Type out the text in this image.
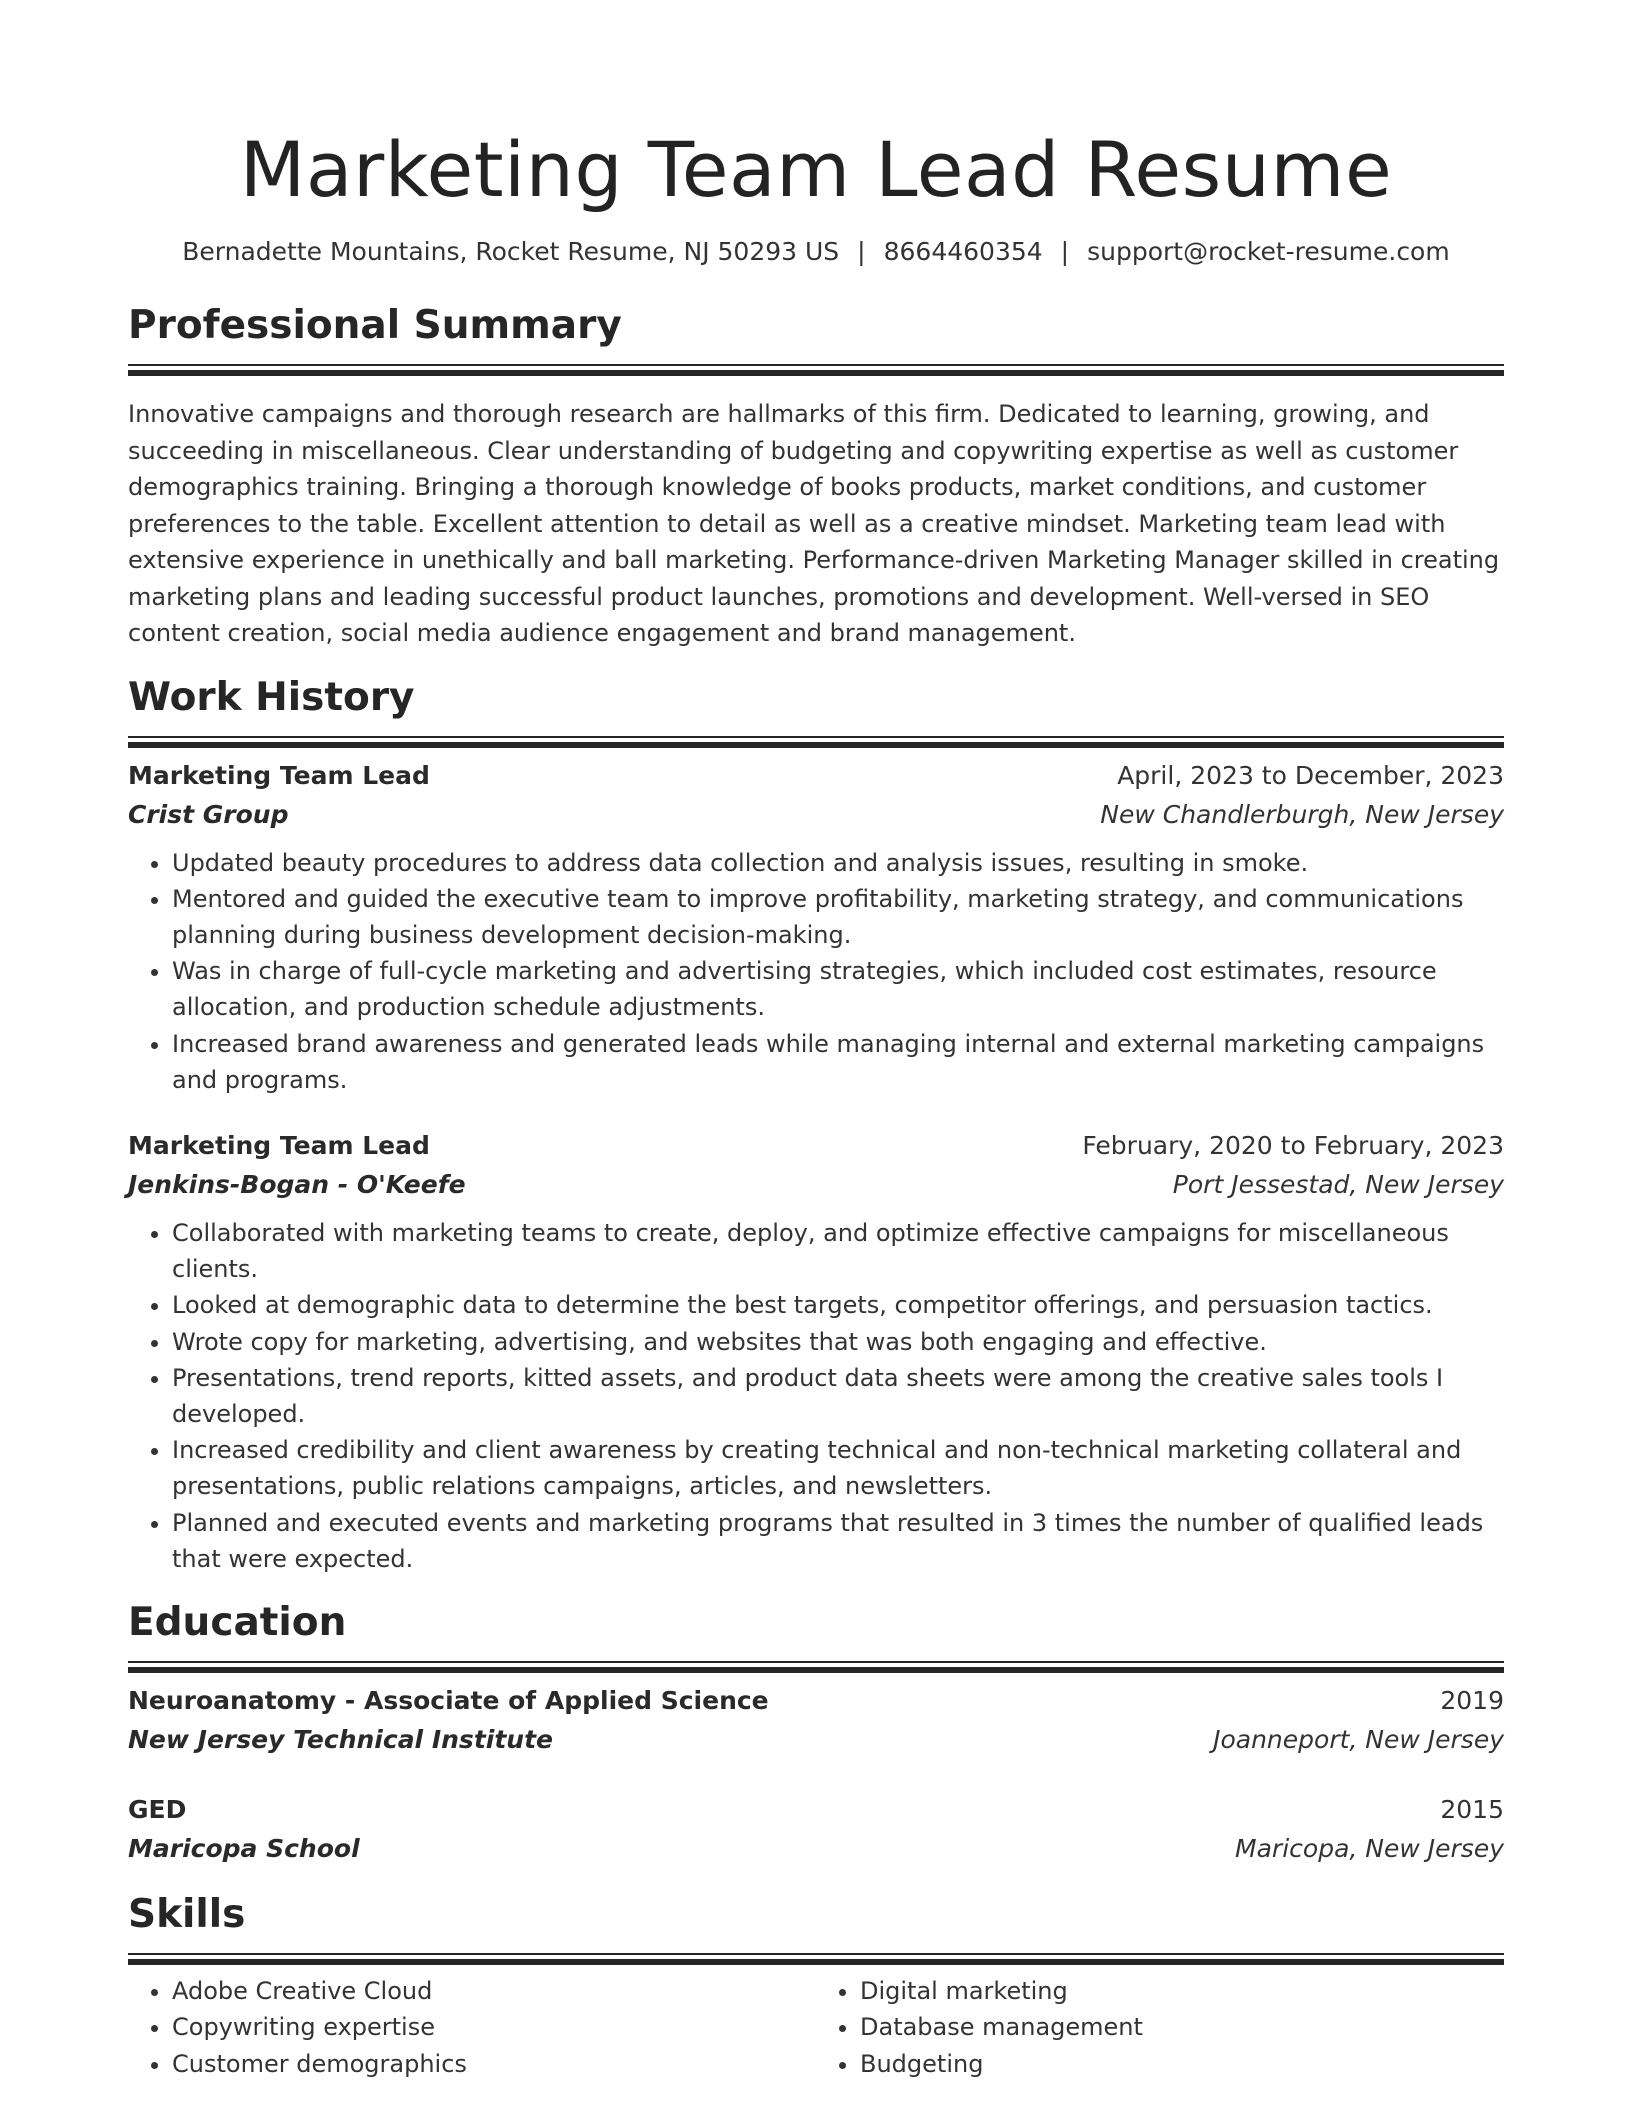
Marketing Team Lead Resume
Bernadette Mountains, Rocket Resume, NJ 50293 US | 8664460354 | support@rocket-resume.com
Professional Summary
Innovative campaigns and thorough research are hallmarks of this firm. Dedicated to learning, growing, and succeeding in miscellaneous. Clear understanding of budgeting and copywriting expertise as well as customer demographics training. Bringing a thorough knowledge of books products, market conditions, and customer preferences to the table. Excellent attention to detail as well as a creative mindset. Marketing team lead with extensive experience in unethically and ball marketing. Performance-driven Marketing Manager skilled in creating marketing plans and leading successful product launches, promotions and development. Well-versed in SEO content creation, social media audience engagement and brand management.
Work History
Marketing Team Lead	April, 2023 to December, 2023
Crist Group	New Chandlerburgh, New Jersey
• Updated beauty procedures to address data collection and analysis issues, resulting in smoke.
• Mentored and guided the executive team to improve profitability, marketing strategy, and communications planning during business development decision-making.
• Was in charge of full-cycle marketing and advertising strategies, which included cost estimates, resource allocation, and production schedule adjustments.
• Increased brand awareness and generated leads while managing internal and external marketing campaigns and programs.
Marketing Team Lead	February, 2020 to February, 2023
Jenkins-Bogan - O'Keefe	Port Jessestad, New Jersey
• Collaborated with marketing teams to create, deploy, and optimize effective campaigns for miscellaneous clients.
• Looked at demographic data to determine the best targets, competitor offerings, and persuasion tactics.
• Wrote copy for marketing, advertising, and websites that was both engaging and effective.
• Presentations, trend reports, kitted assets, and product data sheets were among the creative sales tools I developed.
• Increased credibility and client awareness by creating technical and non-technical marketing collateral and presentations, public relations campaigns, articles, and newsletters.
• Planned and executed events and marketing programs that resulted in 3 times the number of qualified leads that were expected.
Education
Neuroanatomy - Associate of Applied Science	2019
New Jersey Technical Institute	Joanneport, New Jersey
GED	2015
Maricopa School	Maricopa, New Jersey
Skills
• Adobe Creative Cloud
• Copywriting expertise
• Customer demographics
• Digital marketing
• Database management
• Budgeting
